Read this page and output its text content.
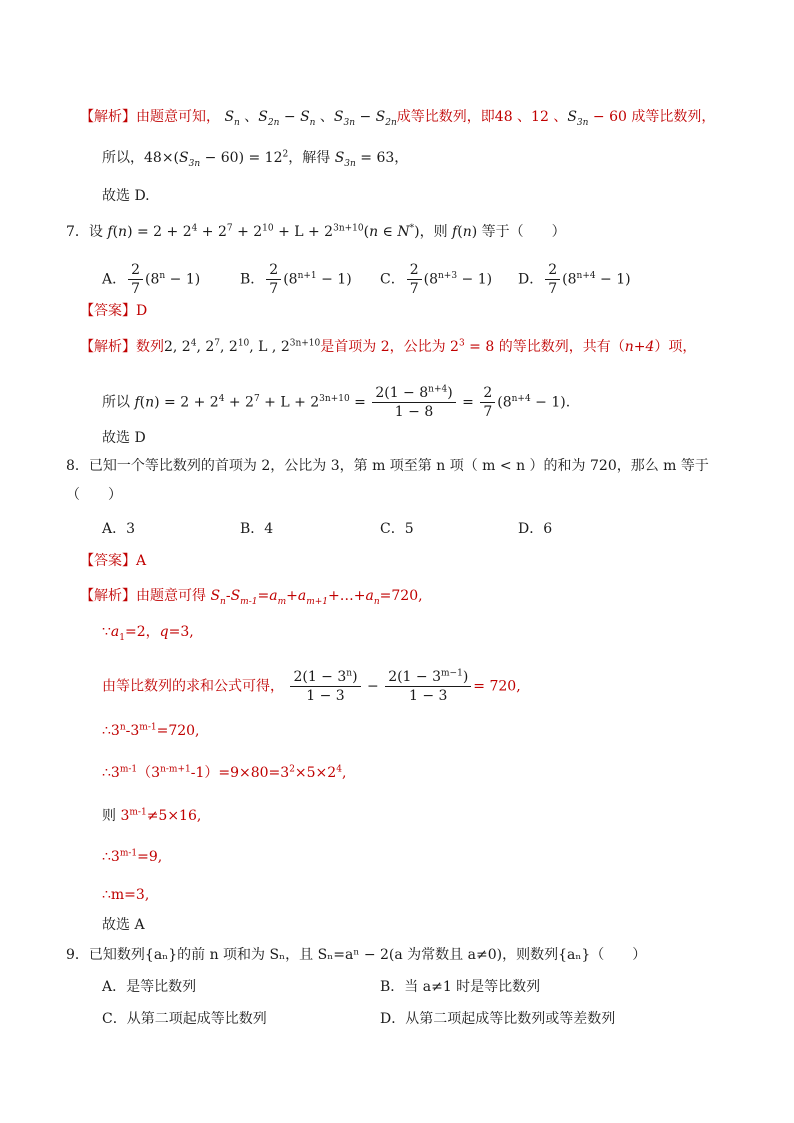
【解析】由题意可知， $S_n$ 、$S_{2n} - S_n$ 、$S_{3n} - S_{2n}$成等比数列，即48 、12 、$S_{3n} - 60$ 成等比数列，
所以，$48\times(S_{3n} - 60) = 12^2$，解得 $S_{3n} = 63$，
故选 D.
7．设 $f(n) = 2 + 2^4 + 2^7 + 2^{10} + L + 2^{3n+10}(n$ ∈ N*)，则 f(n) 等于（　　）
A． $\frac{2}{7} (8^n - 1)$	B． $\frac{2}{7} (8^{n+1} - 1)$ C． $\frac{2}{7} (8^{n+3} - 1)$ D． $\frac{2}{7} (8^{n+4} - 1)$
【答案】D
【解析】数列2, $2^4$, $2^7$, $2^{10}$, L , $2^{3n+10}$是首项为 2，公比为 $2^3 = 8$ 的等比数列，共有（n+4）项，
所以 $f(n) = 2 + 2^4 + 2^7 + L + 2^{3n+10} = \frac{2(1 - 8^{n+4})}{1 - 8} = \frac{2}{7} (8^{n+4} - 1)$.
故选 D
8．已知一个等比数列的首项为 2，公比为 3，第 m 项至第 n 项（ m < n ）的和为 720，那么 m 等于
（　　）
A．3	B．4	C．5	D．6
【答案】A
【解析】由题意可得 $S_n-S_{m-1}=a_m+a_{m+1}+\dots+a_n=720$,
$\because a_1=2$，q=3,
由等比数列的求和公式可得， $\frac{2(1 - 3^n)}{1 - 3} - \frac{2(1 - 3^{m-1})}{1 - 3} = 720$,
$\therefore 3^n-3^{m-1}=720$,
$\therefore 3^{m-1}(3^{n-m+1}-1)=9\times 80=3^2\times 5\times 2^4$,
则 $3^{m-1}\ne 5\times 16$,
$\therefore 3^{m-1}=9$,
∴m=3,
故选 A
9．已知数列{aₙ}的前 n 项和为 Sₙ，且 Sₙ=aⁿ − 2(a 为常数且 a≠0)，则数列{aₙ}（　　）
A．是等比数列	B．当 a≠1 时是等比数列
C．从第二项起成等比数列	D．从第二项起成等比数列或等差数列
